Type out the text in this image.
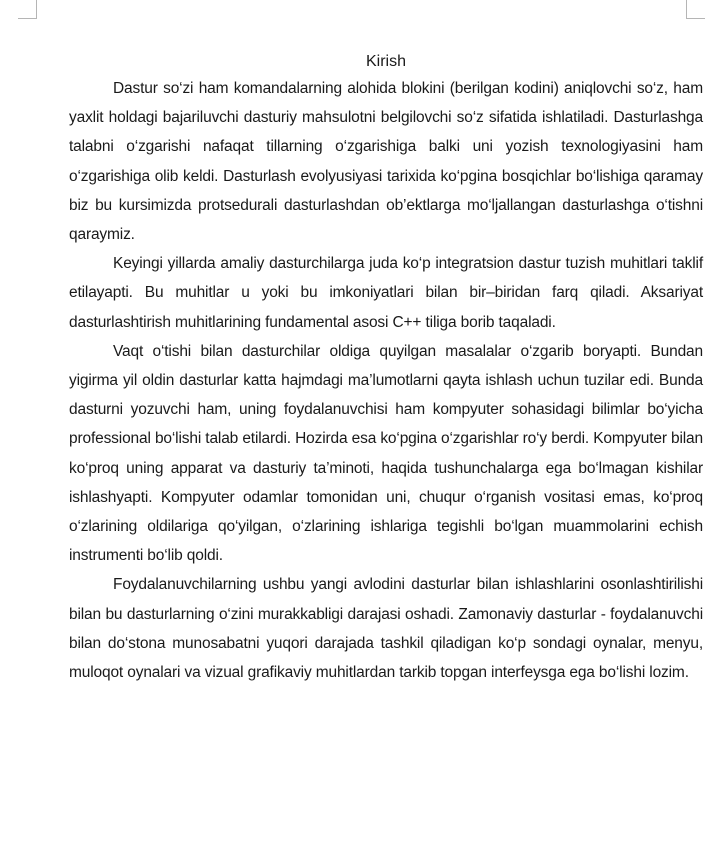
Kirish

Dastur so‘zi ham komandalarning alohida blokini (berilgan kodini) aniqlovchi so‘z, ham yaxlit holdagi bajariluvchi dasturiy mahsulotni belgilovchi so‘z sifatida ishlatiladi. Dasturlashga talabni o‘zgarishi nafaqat tillarning o‘zgarishiga balki uni yozish texnologiyasini ham o‘zgarishiga olib keldi. Dasturlash evolyusiyasi tarixida ko‘pgina bosqichlar bo‘lishiga qaramay biz bu kursimizda protsedurali dasturlashdan ob’ektlarga mo‘ljallangan dasturlashga o‘tishni qaraymiz.

Keyingi yillarda amaliy dasturchilarga juda ko‘p integratsion dastur tuzish muhitlari taklif etilayapti. Bu muhitlar u yoki bu imkoniyatlari bilan bir–biridan farq qiladi. Aksariyat dasturlashtirish muhitlarining fundamental asosi C++ tiliga borib taqaladi.

Vaqt o‘tishi bilan dasturchilar oldiga quyilgan masalalar o‘zgarib boryapti. Bundan yigirma yil oldin dasturlar katta hajmdagi ma’lumotlarni qayta ishlash uchun tuzilar edi. Bunda dasturni yozuvchi ham, uning foydalanuvchisi ham kompyuter sohasidagi bilimlar bo‘yicha professional bo‘lishi talab etilardi. Hozirda esa ko‘pgina o‘zgarishlar ro‘y berdi. Kompyuter bilan ko‘proq uning apparat va dasturiy ta’minoti, haqida tushunchalarga ega bo‘lmagan kishilar ishlashyapti. Kompyuter odamlar tomonidan uni, chuqur o‘rganish vositasi emas, ko‘proq o‘zlarining oldilariga qo‘yilgan, o‘zlarining ishlariga tegishli bo‘lgan muammolarini echish instrumenti bo‘lib qoldi.

Foydalanuvchilarning ushbu yangi avlodini dasturlar bilan ishlashlarini osonlashtirilishi bilan bu dasturlarning o‘zini murakkabligi darajasi oshadi. Zamonaviy dasturlar - foydalanuvchi bilan do‘stona munosabatni yuqori darajada tashkil qiladigan ko‘p sondagi oynalar, menyu, muloqot oynalari va vizual grafikaviy muhitlardan tarkib topgan interfeysga ega bo‘lishi lozim.
